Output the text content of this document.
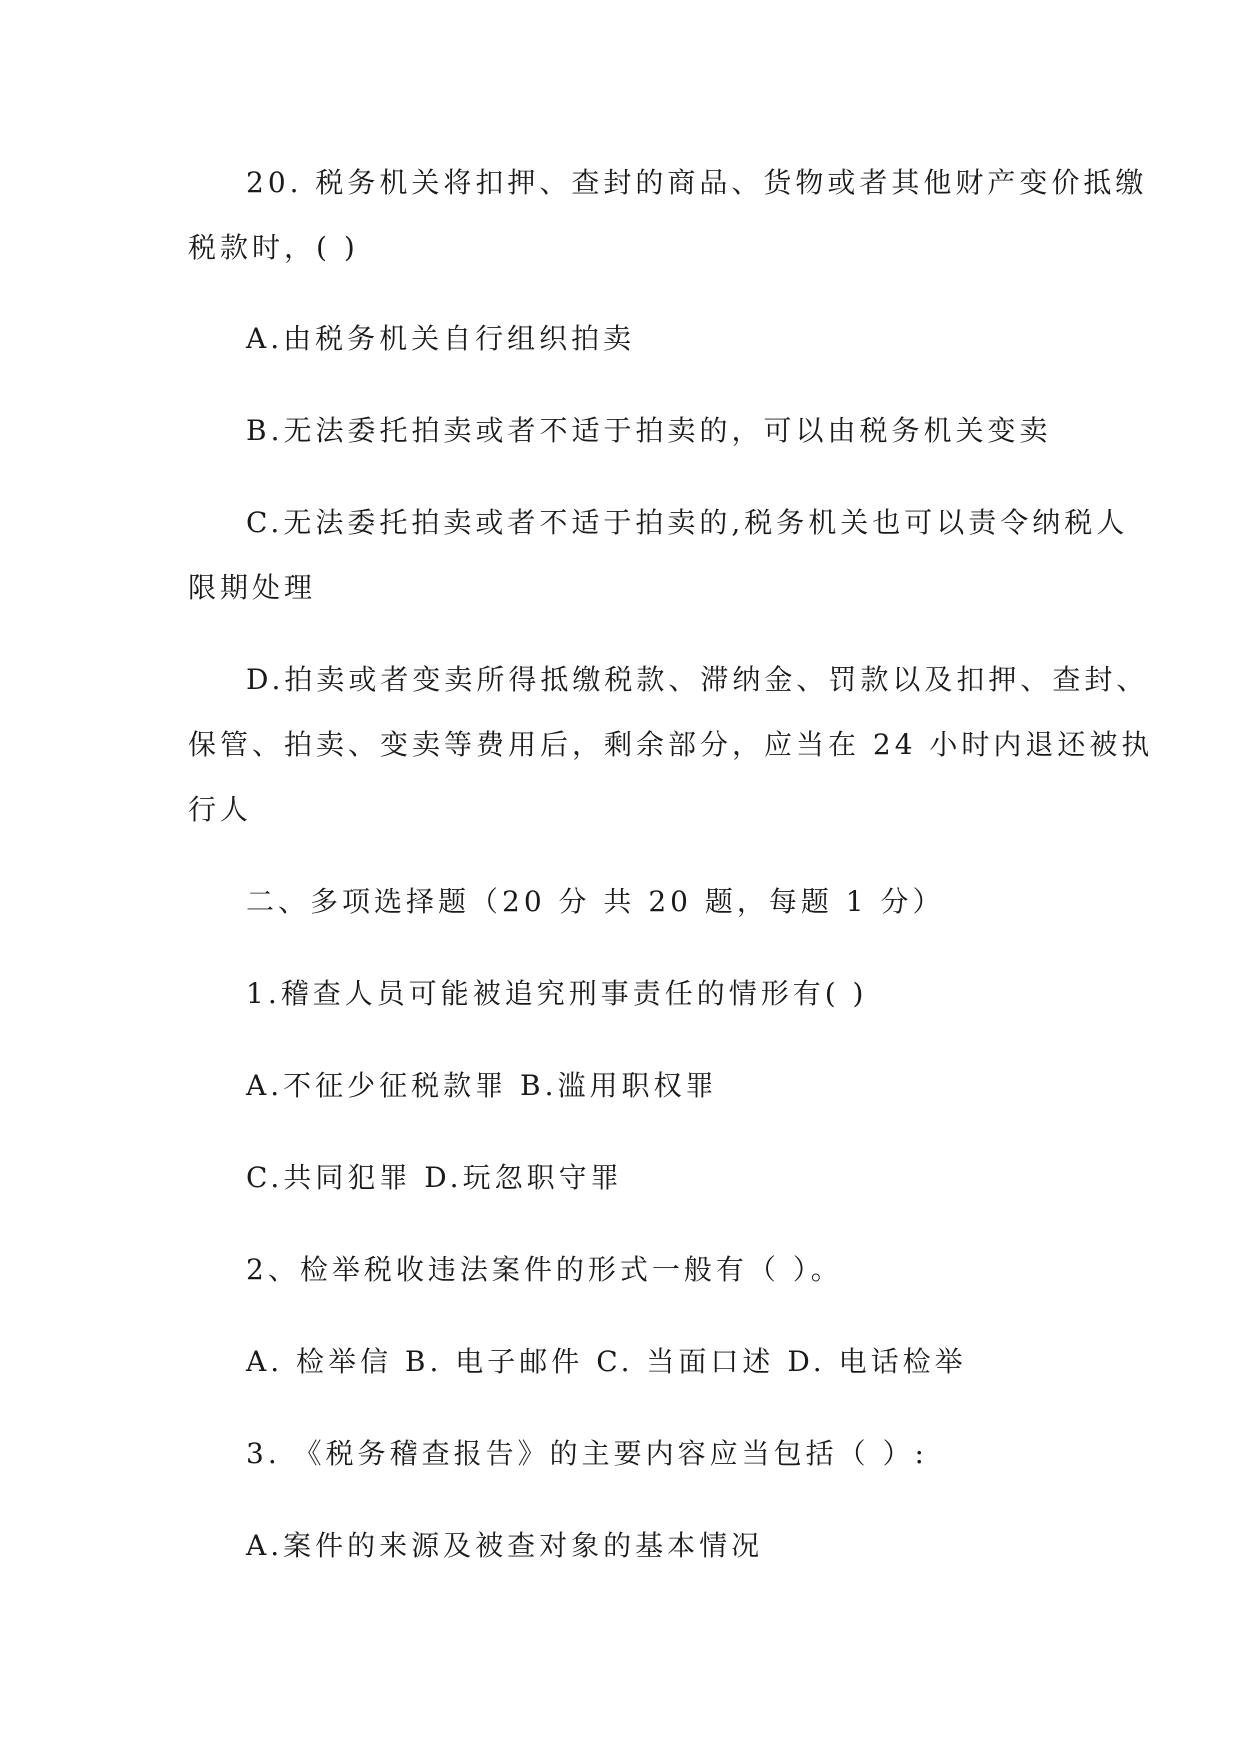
20. 税务机关将扣押、查封的商品、货物或者其他财产变价抵缴
税款时，( )
A.由税务机关自行组织拍卖
B.无法委托拍卖或者不适于拍卖的，可以由税务机关变卖
C.无法委托拍卖或者不适于拍卖的,税务机关也可以责令纳税人
限期处理
D.拍卖或者变卖所得抵缴税款、滞纳金、罚款以及扣押、查封、
保管、拍卖、变卖等费用后，剩余部分，应当在 24 小时内退还被执
行人
二、多项选择题（20 分 共 20 题，每题 1 分）
1.稽查人员可能被追究刑事责任的情形有( )
A.不征少征税款罪 B.滥用职权罪
C.共同犯罪 D.玩忽职守罪
2、检举税收违法案件的形式一般有（ ）。
A. 检举信 B. 电子邮件 C. 当面口述 D. 电话检举
3. 《税务稽查报告》的主要内容应当包括（ ）:
A.案件的来源及被查对象的基本情况
